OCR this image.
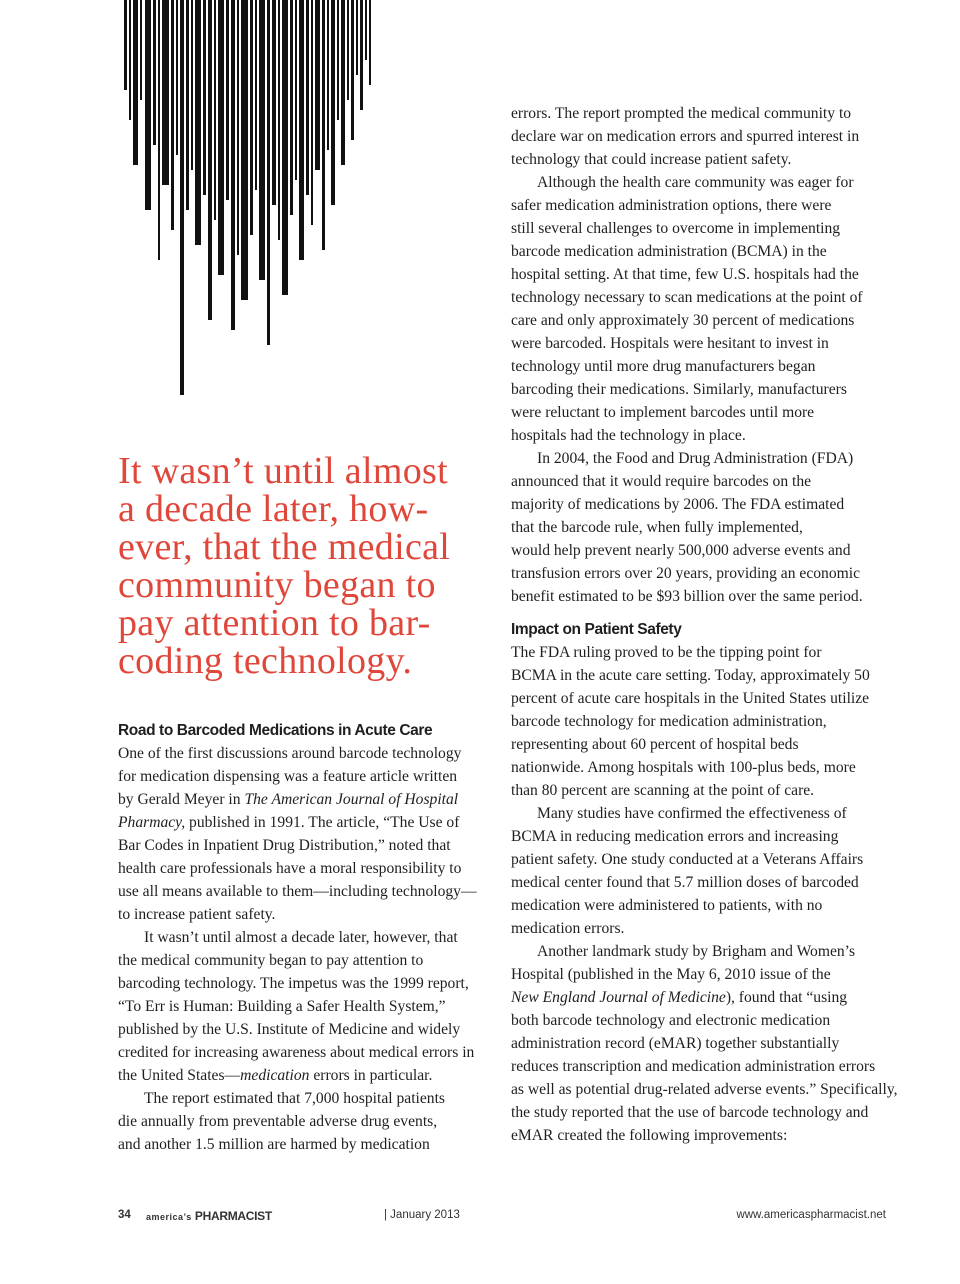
It wasn’t until almost
a decade later, how-
ever, that the medical
community began to
pay attention to bar-
coding technology.
Road to Barcoded Medications in Acute Care
One of the first discussions around barcode technology
for medication dispensing was a feature article written
by Gerald Meyer in The American Journal of Hospital
Pharmacy, published in 1991. The article, “The Use of
Bar Codes in Inpatient Drug Distribution,” noted that
health care professionals have a moral responsibility to
use all means available to them—including technology—
to increase patient safety.
It wasn’t until almost a decade later, however, that
the medical community began to pay attention to
barcoding technology. The impetus was the 1999 report,
“To Err is Human: Building a Safer Health System,”
published by the U.S. Institute of Medicine and widely
credited for increasing awareness about medical errors in
the United States—medication errors in particular.
The report estimated that 7,000 hospital patients
die annually from preventable adverse drug events,
and another 1.5 million are harmed by medication
errors. The report prompted the medical community to
declare war on medication errors and spurred interest in
technology that could increase patient safety.
Although the health care community was eager for
safer medication administration options, there were
still several challenges to overcome in implementing
barcode medication administration (BCMA) in the
hospital setting. At that time, few U.S. hospitals had the
technology necessary to scan medications at the point of
care and only approximately 30 percent of medications
were barcoded. Hospitals were hesitant to invest in
technology until more drug manufacturers began
barcoding their medications. Similarly, manufacturers
were reluctant to implement barcodes until more
hospitals had the technology in place.
In 2004, the Food and Drug Administration (FDA)
announced that it would require barcodes on the
majority of medications by 2006. The FDA estimated
that the barcode rule, when fully implemented,
would help prevent nearly 500,000 adverse events and
transfusion errors over 20 years, providing an economic
benefit estimated to be $93 billion over the same period.
Impact on Patient Safety
The FDA ruling proved to be the tipping point for
BCMA in the acute care setting. Today, approximately 50
percent of acute care hospitals in the United States utilize
barcode technology for medication administration,
representing about 60 percent of hospital beds
nationwide. Among hospitals with 100-plus beds, more
than 80 percent are scanning at the point of care.
Many studies have confirmed the effectiveness of
BCMA in reducing medication errors and increasing
patient safety. One study conducted at a Veterans Affairs
medical center found that 5.7 million doses of barcoded
medication were administered to patients, with no
medication errors.
Another landmark study by Brigham and Women’s
Hospital (published in the May 6, 2010 issue of the
New England Journal of Medicine), found that “using
both barcode technology and electronic medication
administration record (eMAR) together substantially
reduces transcription and medication administration errors
as well as potential drug-related adverse events.” Specifically,
the study reported that the use of barcode technology and
eMAR created the following improvements:
34 america’s PHARMACIST	| January 2013	www.americaspharmacist.net
